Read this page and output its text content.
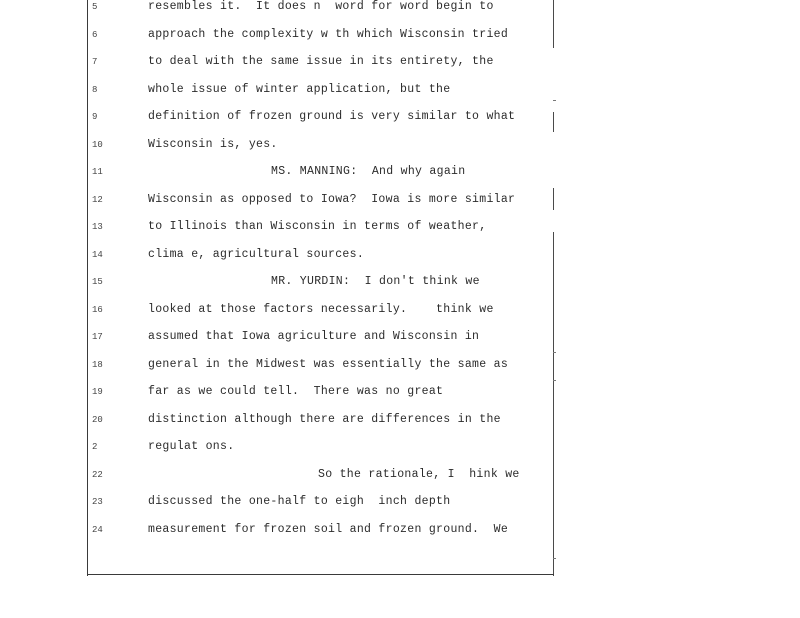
5	resembles it.  It does n  word for word begin to
6	approach the complexity w th which Wisconsin tried
7	to deal with the same issue in its entirety, the
8	whole issue of winter application, but the
9	definition of frozen ground is very similar to what
10	Wisconsin is, yes.
11	MS. MANNING:  And why again
12	Wisconsin as opposed to Iowa?  Iowa is more similar
13	to Illinois than Wisconsin in terms of weather,
14	clima e, agricultural sources.
15	MR. YURDIN:  I don't think we
16	looked at those factors necessarily.    think we
17	assumed that Iowa agriculture and Wisconsin in
18	general in the Midwest was essentially the same as
19	far as we could tell.  There was no great
20	distinction although there are differences in the
2	regulat ons.
22	So the rationale, I  hink we
23	discussed the one-half to eigh  inch depth
24	measurement for frozen soil and frozen ground.  We
